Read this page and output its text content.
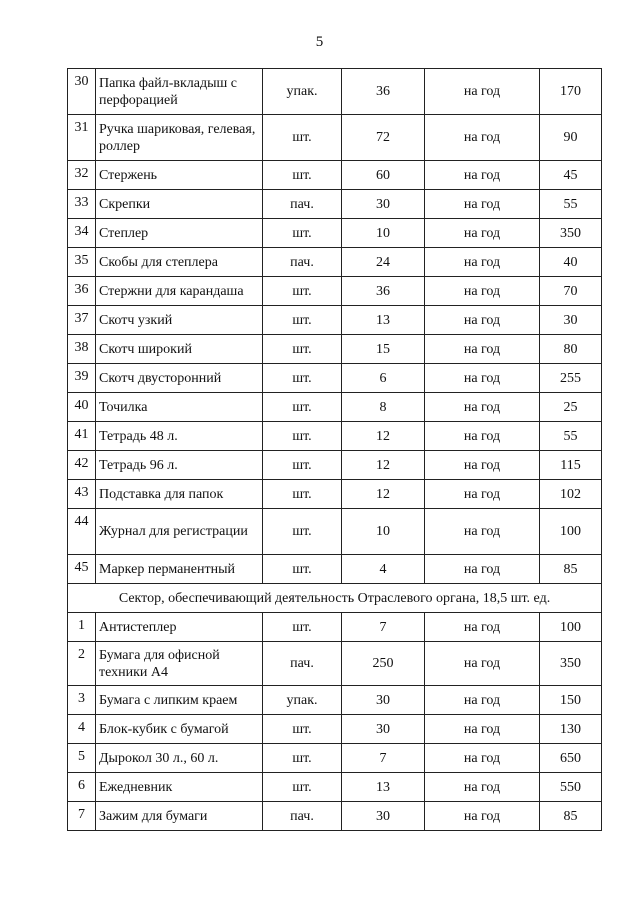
5
30	Папка файл-вкладыш с перфорацией	упак.	36	на год	170
31	Ручка шариковая, гелевая, роллер	шт.	72	на год	90
32	Стержень	шт.	60	на год	45
33	Скрепки	пач.	30	на год	55
34	Степлер	шт.	10	на год	350
35	Скобы для степлера	пач.	24	на год	40
36	Стержни для карандаша	шт.	36	на год	70
37	Скотч узкий	шт.	13	на год	30
38	Скотч широкий	шт.	15	на год	80
39	Скотч двусторонний	шт.	6	на год	255
40	Точилка	шт.	8	на год	25
41	Тетрадь 48 л.	шт.	12	на год	55
42	Тетрадь 96 л.	шт.	12	на год	115
43	Подставка для папок	шт.	12	на год	102
44	Журнал для регистрации	шт.	10	на год	100
45	Маркер перманентный	шт.	4	на год	85
Сектор, обеспечивающий деятельность Отраслевого органа, 18,5 шт. ед.					
1	Антистеплер	шт.	7	на год	100
2	Бумага для офисной техники А4	пач.	250	на год	350
3	Бумага с липким краем	упак.	30	на год	150
4	Блок-кубик с бумагой	шт.	30	на год	130
5	Дырокол 30 л., 60 л.	шт.	7	на год	650
6	Ежедневник	шт.	13	на год	550
7	Зажим для бумаги	пач.	30	на год	85
